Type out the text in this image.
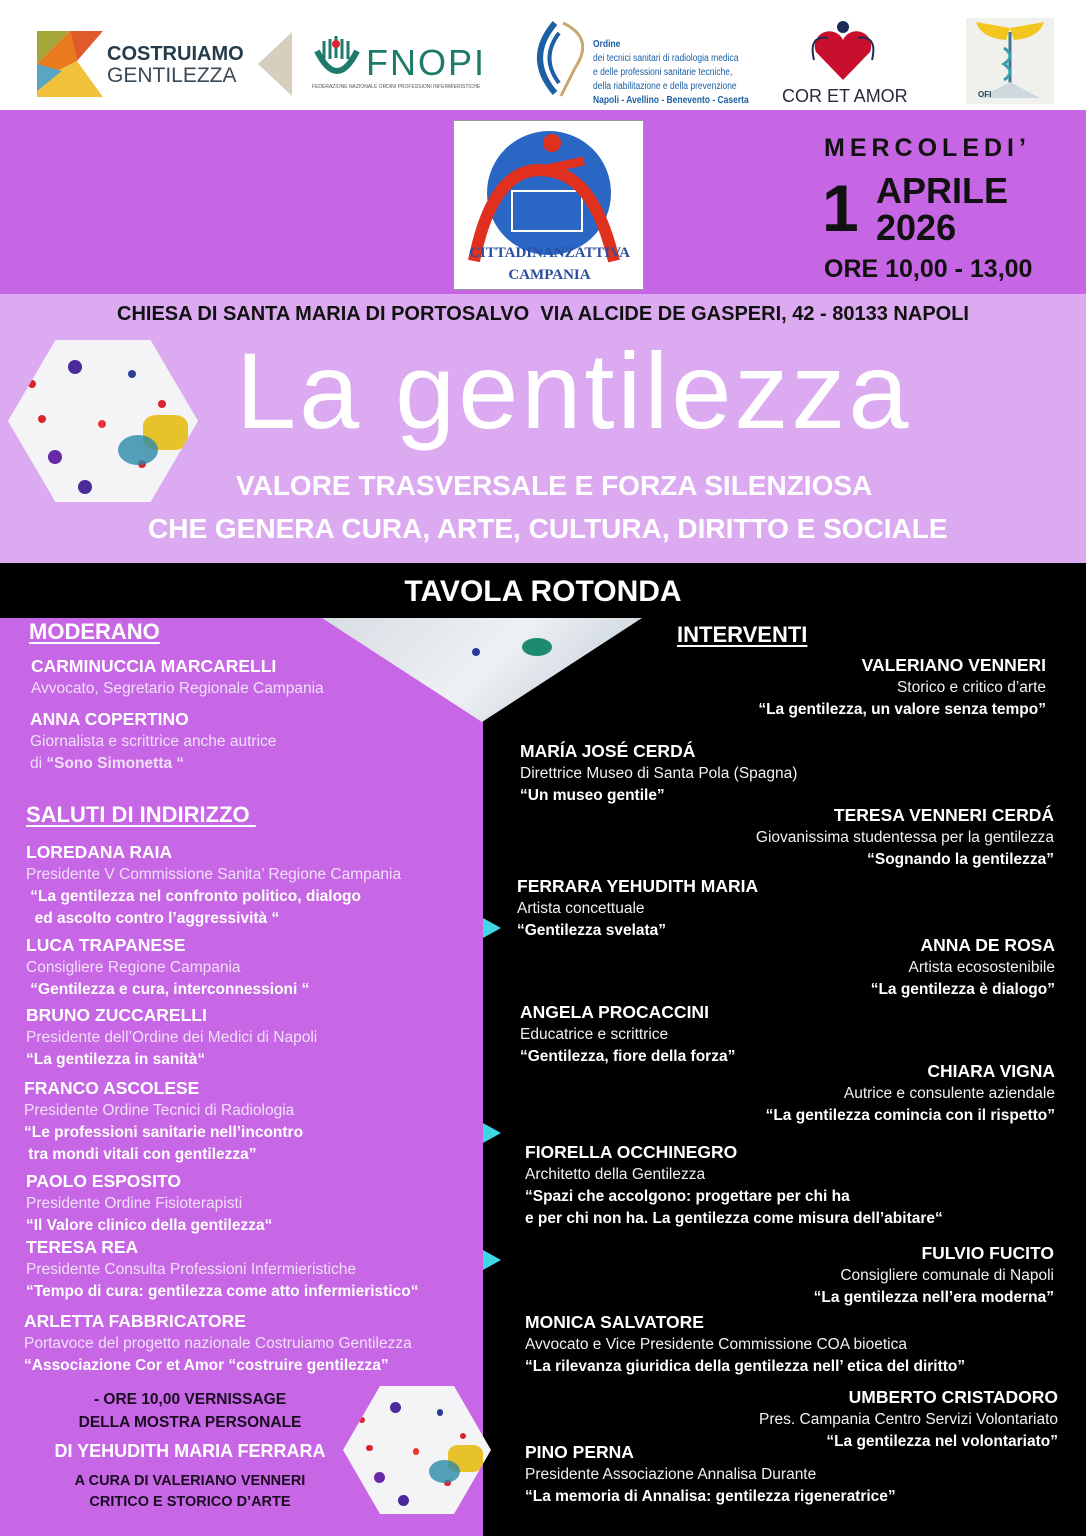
COSTRUIAMO
GENTILEZZA	FNOPI
FEDERAZIONE NAZIONALE ORDINI PROFESSIONI INFERMIERISTICHE
Ordine
dei tecnici sanitari di radiologia medica
e delle professioni sanitarie tecniche,
della riabilitazione e della prevenzione
Napoli - Avellino - Benevento - Caserta COR ET AMOR	OFI
CITTADINANZATTIVA
CAMPANIA
MERCOLEDI’
1 APRILE
2026
ORE 10,00 - 13,00
CHIESA DI SANTA MARIA DI PORTOSALVO  VIA ALCIDE DE GASPERI, 42 - 80133 NAPOLI
La gentilezza
VALORE TRASVERSALE E FORZA SILENZIOSA
CHE GENERA CURA, ARTE, CULTURA, DIRITTO E SOCIALE
TAVOLA ROTONDA
MODERANO
SALUTI DI INDIRIZZO
INTERVENTI
CARMINUCCIA MARCARELLI
Avvocato, Segretario Regionale Campania
ANNA COPERTINO
Giornalista e scrittrice anche autrice
di “Sono Simonetta “
LOREDANA RAIA
Presidente V Commissione Sanita’ Regione Campania
“La gentilezza nel confronto politico, dialogo
ed ascolto contro l’aggressività “
LUCA TRAPANESE
Consigliere Regione Campania
“Gentilezza e cura, interconnessioni “
BRUNO ZUCCARELLI
Presidente dell’Ordine dei Medici di Napoli
“La gentilezza in sanità“
FRANCO ASCOLESE
Presidente Ordine Tecnici di Radiologia
“Le professioni sanitarie nell’incontro
tra mondi vitali con gentilezza”
PAOLO ESPOSITO
Presidente Ordine Fisioterapisti
“Il Valore clinico della gentilezza“
TERESA REA
Presidente Consulta Professioni Infermieristiche
“Tempo di cura: gentilezza come atto infermieristico“
ARLETTA FABBRICATORE
Portavoce del progetto nazionale Costruiamo Gentilezza
“Associazione Cor et Amor “costruire gentilezza”
VALERIANO VENNERI
Storico e critico d’arte
“La gentilezza, un valore senza tempo”
MARÍA JOSÉ CERDÁ
Direttrice Museo di Santa Pola (Spagna)
“Un museo gentile”
TERESA VENNERI CERDÁ
Giovanissima studentessa per la gentilezza
“Sognando la gentilezza”
FERRARA YEHUDITH MARIA
Artista concettuale
“Gentilezza svelata”
ANNA DE ROSA
Artista ecosostenibile
“La gentilezza è dialogo”
ANGELA PROCACCINI
Educatrice e scrittrice
“Gentilezza, fiore della forza”
CHIARA VIGNA
Autrice e consulente aziendale
“La gentilezza comincia con il rispetto”
FIORELLA OCCHINEGRO
Architetto della Gentilezza
“Spazi che accolgono: progettare per chi ha
e per chi non ha. La gentilezza come misura dell’abitare“
FULVIO FUCITO
Consigliere comunale di Napoli
“La gentilezza nell’era moderna”
MONICA SALVATORE
Avvocato e Vice Presidente Commissione COA bioetica
“La rilevanza giuridica della gentilezza nell’ etica del diritto”
UMBERTO CRISTADORO
Pres. Campania Centro Servizi Volontariato
“La gentilezza nel volontariato”
PINO PERNA
Presidente Associazione Annalisa Durante
“La memoria di Annalisa: gentilezza rigeneratrice”
- ORE 10,00 VERNISSAGE
DELLA MOSTRA PERSONALE
DI YEHUDITH MARIA FERRARA
A CURA DI VALERIANO VENNERI
CRITICO E STORICO D’ARTE
